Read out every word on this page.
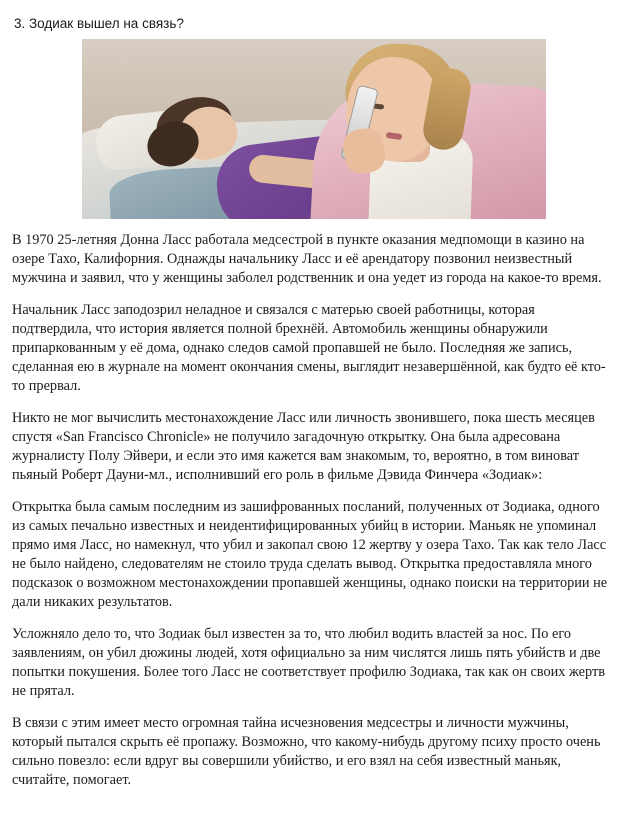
3. Зодиак вышел на связь?

В 1970 25-летняя Донна Ласс работала медсестрой в пункте оказания медпомощи в казино на озере Тахо, Калифорния. Однажды начальнику Ласс и её арендатору позвонил неизвестный мужчина и заявил, что у женщины заболел родственник и она уедет из города на какое-то время.

Начальник Ласс заподозрил неладное и связался с матерью своей работницы, которая подтвердила, что история является полной брехнёй. Автомобиль женщины обнаружили припаркованным у её дома, однако следов самой пропавшей не было. Последняя же запись, сделанная ею в журнале на момент окончания смены, выглядит незавершённой, как будто её кто-то прервал.

Никто не мог вычислить местонахождение Ласс или личность звонившего, пока шесть месяцев спустя «San Francisco Chronicle» не получило загадочную открытку. Она была адресована журналисту Полу Эйвери, и если это имя кажется вам знакомым, то, вероятно, в том виноват пьяный Роберт Дауни-мл., исполнивший его роль в фильме Дэвида Финчера «Зодиак»:

Открытка была самым последним из зашифрованных посланий, полученных от Зодиака, одного из самых печально известных и неидентифицированных убийц в истории. Маньяк не упоминал прямо имя Ласс, но намекнул, что убил и закопал свою 12 жертву у озера Тахо. Так как тело Ласс не было найдено, следователям не стоило труда сделать вывод. Открытка предоставляла много подсказок о возможном местонахождении пропавшей женщины, однако поиски на территории не дали никаких результатов.

Усложняло дело то, что Зодиак был известен за то, что любил водить властей за нос. По его заявлениям, он убил дюжины людей, хотя официально за ним числятся лишь пять убийств и две попытки покушения. Более того Ласс не соответствует профилю Зодиака, так как он своих жертв не прятал.

В связи с этим имеет место огромная тайна исчезновения медсестры и личности мужчины, который пытался скрыть её пропажу. Возможно, что какому-нибудь другому психу просто очень сильно повезло: если вдруг вы совершили убийство, и его взял на себя известный маньяк, считайте, помогает.
